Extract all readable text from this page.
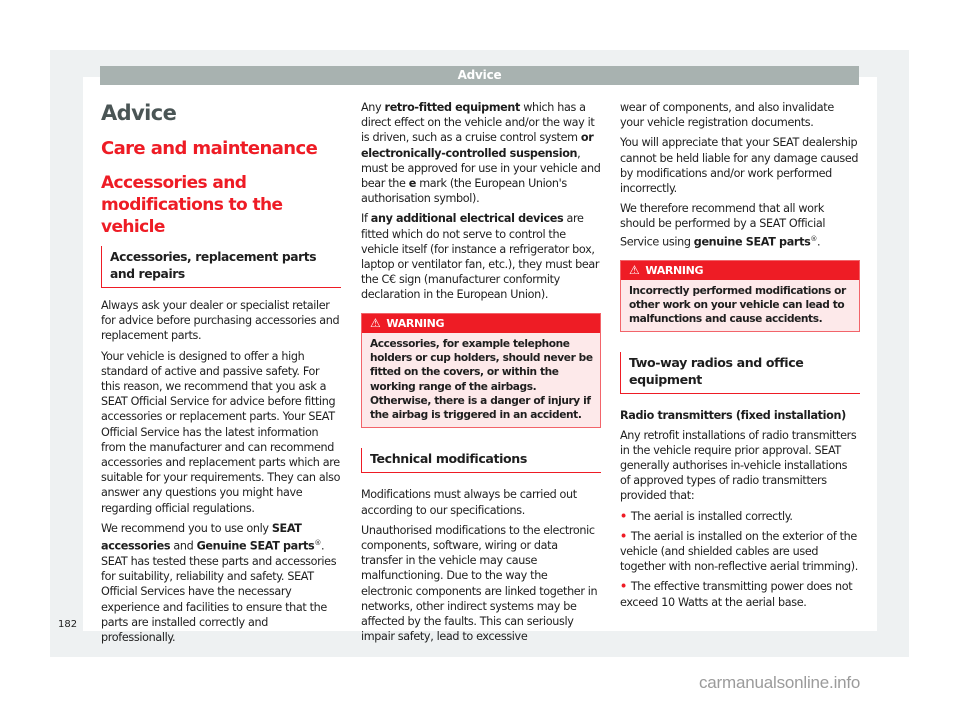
Advice
Advice
Care and maintenance
Accessories and modifications to the vehicle
Accessories, replacement parts and repairs

Always ask your dealer or specialist retailer for advice before purchasing accessories and replacement parts.

Your vehicle is designed to offer a high standard of active and passive safety. For this reason, we recommend that you ask a SEAT Official Service for advice before fitting accessories or replacement parts. Your SEAT Official Service has the latest information from the manufacturer and can recommend accessories and replacement parts which are suitable for your requirements. They can also answer any questions you might have regarding official regulations.

We recommend you to use only SEAT accessories and Genuine SEAT parts®. SEAT has tested these parts and accessories for suitability, reliability and safety. SEAT Official Services have the necessary experience and facilities to ensure that the parts are installed correctly and professionally.

Any retro-fitted equipment which has a direct effect on the vehicle and/or the way it is driven, such as a cruise control system or electronically-controlled suspension, must be approved for use in your vehicle and bear the e mark (the European Union's authorisation symbol).

If any additional electrical devices are fitted which do not serve to control the vehicle itself (for instance a refrigerator box, laptop or ventilator fan, etc.), they must bear the C€ sign (manufacturer conformity declaration in the European Union).

⚠ WARNING
Accessories, for example telephone holders or cup holders, should never be fitted on the covers, or within the working range of the airbags. Otherwise, there is a danger of injury if the airbag is triggered in an accident.
Technical modifications

Modifications must always be carried out according to our specifications.

Unauthorised modifications to the electronic components, software, wiring or data transfer in the vehicle may cause malfunctioning. Due to the way the electronic components are linked together in networks, other indirect systems may be affected by the faults. This can seriously impair safety, lead to excessive

wear of components, and also invalidate your vehicle registration documents.

You will appreciate that your SEAT dealership cannot be held liable for any damage caused by modifications and/or work performed incorrectly.

We therefore recommend that all work should be performed by a SEAT Official Service using genuine SEAT parts®.

⚠ WARNING
Incorrectly performed modifications or other work on your vehicle can lead to malfunctions and cause accidents.
Two-way radios and office equipment
Radio transmitters (fixed installation)

Any retrofit installations of radio transmitters in the vehicle require prior approval. SEAT generally authorises in-vehicle installations of approved types of radio transmitters provided that:

• The aerial is installed correctly.
• The aerial is installed on the exterior of the vehicle (and shielded cables are used together with non-reflective aerial trimming).
• The effective transmitting power does not exceed 10 Watts at the aerial base.
182
carmanualsonline.info
